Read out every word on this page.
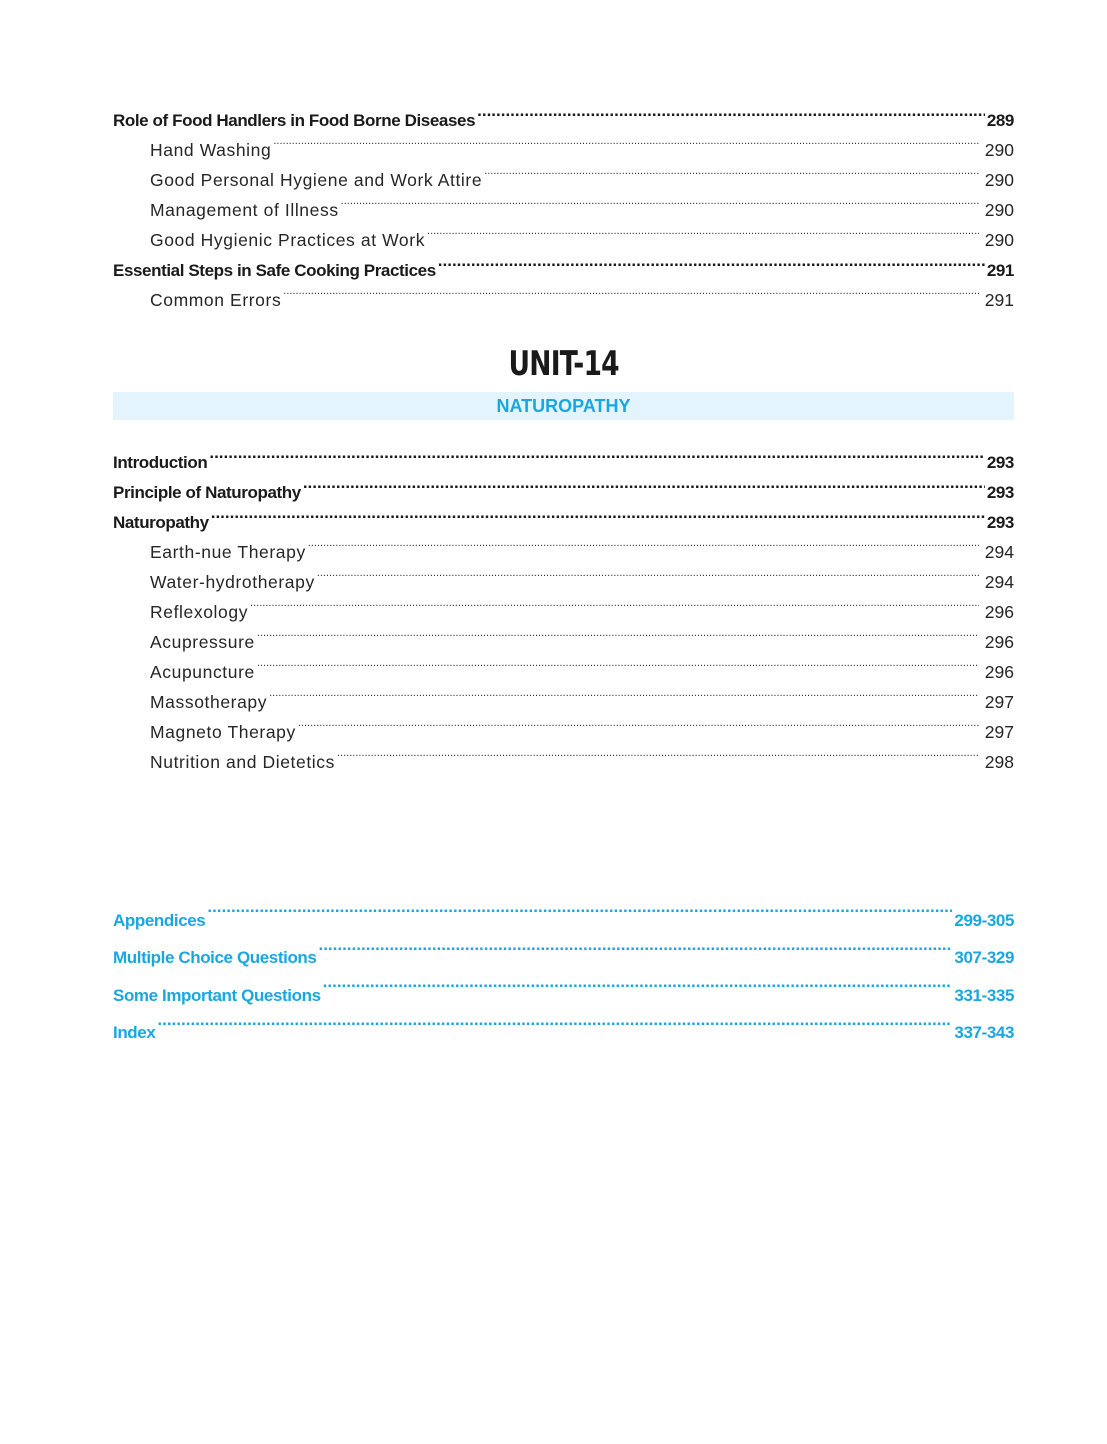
Role of Food Handlers in Food Borne Diseases .....	289
Hand Washing .....	290
Good Personal Hygiene and Work Attire .....	290
Management of Illness .....	290
Good Hygienic Practices at Work .....	290
Essential Steps in Safe Cooking Practices .....	291
Common Errors .....	291
UNIT-14
NATUROPATHY
Introduction .....	293
Principle of Naturopathy .....	293
Naturopathy .....	293
Earth-nue Therapy .....	294
Water-hydrotherapy .....	294
Reflexology .....	296
Acupressure .....	296
Acupuncture .....	296
Massotherapy .....	297
Magneto Therapy .....	297
Nutrition and Dietetics .....	298
Appendices .....	299-305
Multiple Choice Questions .....	307-329
Some Important Questions .....	331-335
Index .....	337-343
